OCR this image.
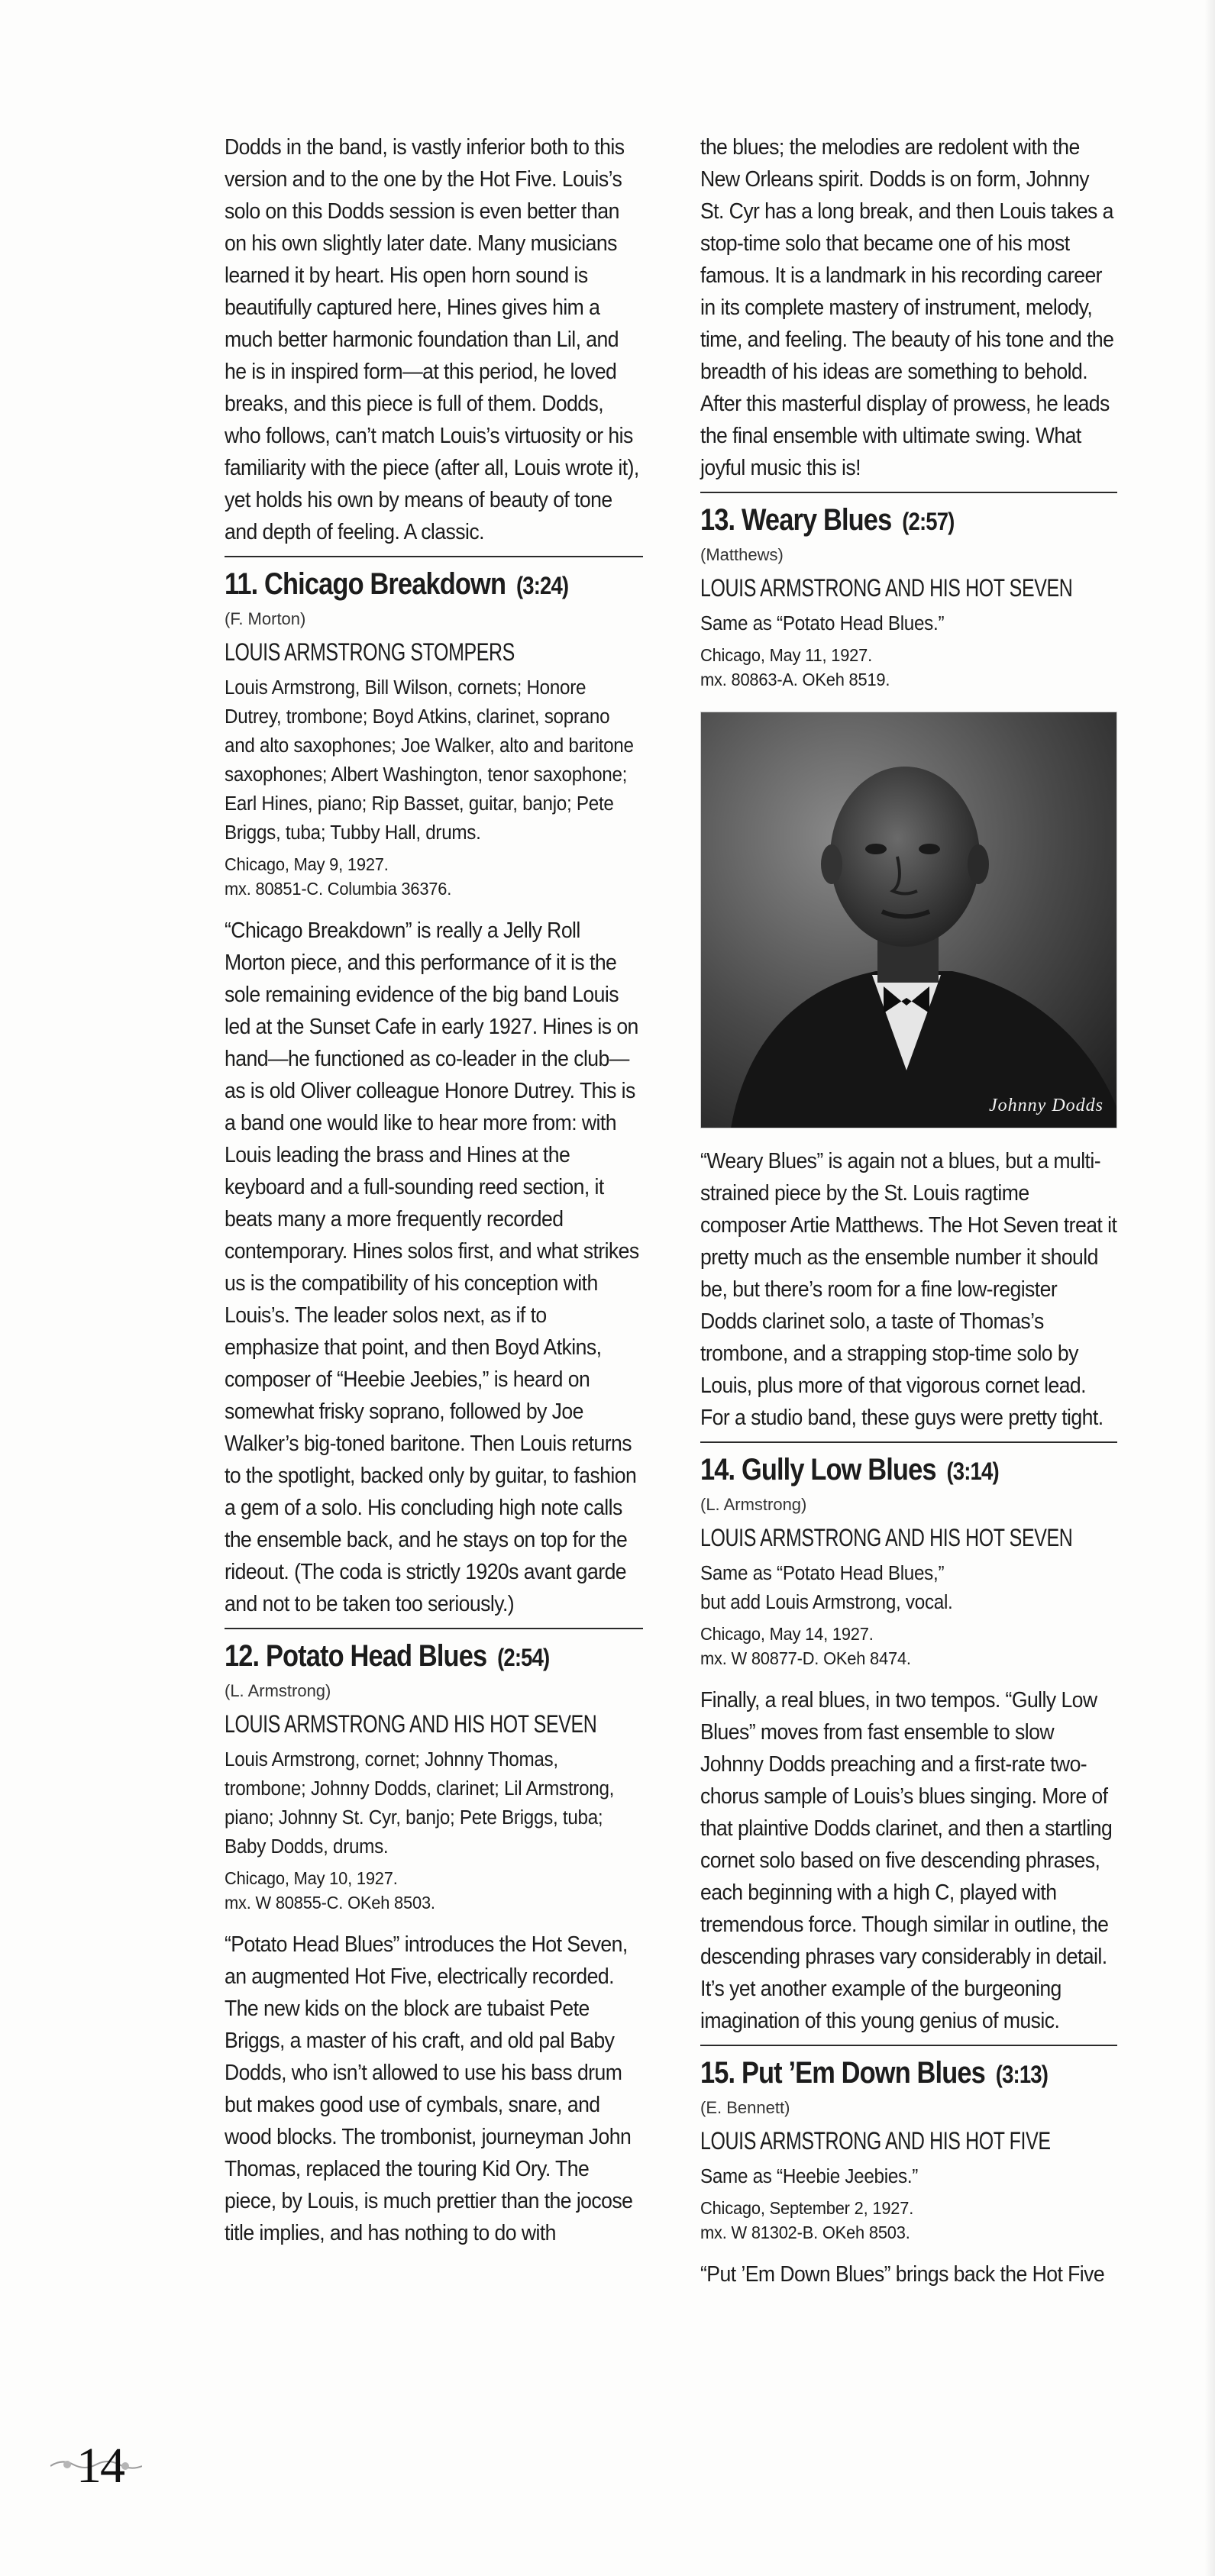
Dodds in the band, is vastly inferior both to this version and to the one by the Hot Five. Louis’s solo on this Dodds session is even better than on his own slightly later date. Many musicians learned it by heart. His open horn sound is beautifully captured here, Hines gives him a much better harmonic foundation than Lil, and he is in inspired form—at this period, he loved breaks, and this piece is full of them. Dodds, who follows, can’t match Louis’s virtuosity or his familiarity with the piece (after all, Louis wrote it), yet holds his own by means of beauty of tone and depth of feeling. A classic.

11. Chicago Breakdown (3:24)
(F. Morton)
LOUIS ARMSTRONG STOMPERS

Louis Armstrong, Bill Wilson, cornets; Honore Dutrey, trombone; Boyd Atkins, clarinet, soprano and alto saxophones; Joe Walker, alto and baritone saxophones; Albert Washington, tenor saxophone; Earl Hines, piano; Rip Basset, guitar, banjo; Pete Briggs, tuba; Tubby Hall, drums.

Chicago, May 9, 1927.
mx. 80851-C. Columbia 36376.

“Chicago Breakdown” is really a Jelly Roll Morton piece, and this performance of it is the sole remaining evidence of the big band Louis led at the Sunset Cafe in early 1927. Hines is on hand—he functioned as co-leader in the club—as is old Oliver colleague Honore Dutrey. This is a band one would like to hear more from: with Louis leading the brass and Hines at the keyboard and a full-sounding reed section, it beats many a more frequently recorded contemporary. Hines solos first, and what strikes us is the compatibility of his conception with Louis’s. The leader solos next, as if to emphasize that point, and then Boyd Atkins, composer of “Heebie Jeebies,” is heard on somewhat frisky soprano, followed by Joe Walker’s big-toned baritone. Then Louis returns to the spotlight, backed only by guitar, to fashion a gem of a solo. His concluding high note calls the ensemble back, and he stays on top for the rideout. (The coda is strictly 1920s avant garde and not to be taken too seriously.)

12. Potato Head Blues (2:54)
(L. Armstrong)
LOUIS ARMSTRONG AND HIS HOT SEVEN

Louis Armstrong, cornet; Johnny Thomas, trombone; Johnny Dodds, clarinet; Lil Armstrong, piano; Johnny St. Cyr, banjo; Pete Briggs, tuba; Baby Dodds, drums.

Chicago, May 10, 1927.
mx. W 80855-C. OKeh 8503.

“Potato Head Blues” introduces the Hot Seven, an augmented Hot Five, electrically recorded. The new kids on the block are tubaist Pete Briggs, a master of his craft, and old pal Baby Dodds, who isn’t allowed to use his bass drum but makes good use of cymbals, snare, and wood blocks. The trombonist, journeyman John Thomas, replaced the touring Kid Ory. The piece, by Louis, is much prettier than the jocose title implies, and has nothing to do with

the blues; the melodies are redolent with the New Orleans spirit. Dodds is on form, Johnny St. Cyr has a long break, and then Louis takes a stop-time solo that became one of his most famous. It is a landmark in his recording career in its complete mastery of instrument, melody, time, and feeling. The beauty of his tone and the breadth of his ideas are something to behold. After this masterful display of prowess, he leads the final ensemble with ultimate swing. What joyful music this is!

13. Weary Blues (2:57)
(Matthews)
LOUIS ARMSTRONG AND HIS HOT SEVEN

Same as “Potato Head Blues.”

Chicago, May 11, 1927.
mx. 80863-A. OKeh 8519.
Johnny Dodds

“Weary Blues” is again not a blues, but a multi-strained piece by the St. Louis ragtime composer Artie Matthews. The Hot Seven treat it pretty much as the ensemble number it should be, but there’s room for a fine low-register Dodds clarinet solo, a taste of Thomas’s trombone, and a strapping stop-time solo by Louis, plus more of that vigorous cornet lead. For a studio band, these guys were pretty tight.

14. Gully Low Blues (3:14)
(L. Armstrong)
LOUIS ARMSTRONG AND HIS HOT SEVEN

Same as “Potato Head Blues,”
but add Louis Armstrong, vocal.

Chicago, May 14, 1927.
mx. W 80877-D. OKeh 8474.

Finally, a real blues, in two tempos. “Gully Low Blues” moves from fast ensemble to slow Johnny Dodds preaching and a first-rate two-chorus sample of Louis’s blues singing. More of that plaintive Dodds clarinet, and then a startling cornet solo based on five descending phrases, each beginning with a high C, played with tremendous force. Though similar in outline, the descending phrases vary considerably in detail. It’s yet another example of the burgeoning imagination of this young genius of music.

15. Put ’Em Down Blues (3:13)
(E. Bennett)
LOUIS ARMSTRONG AND HIS HOT FIVE

Same as “Heebie Jeebies.”

Chicago, September 2, 1927.
mx. W 81302-B. OKeh 8503.

“Put ’Em Down Blues” brings back the Hot Five

14
